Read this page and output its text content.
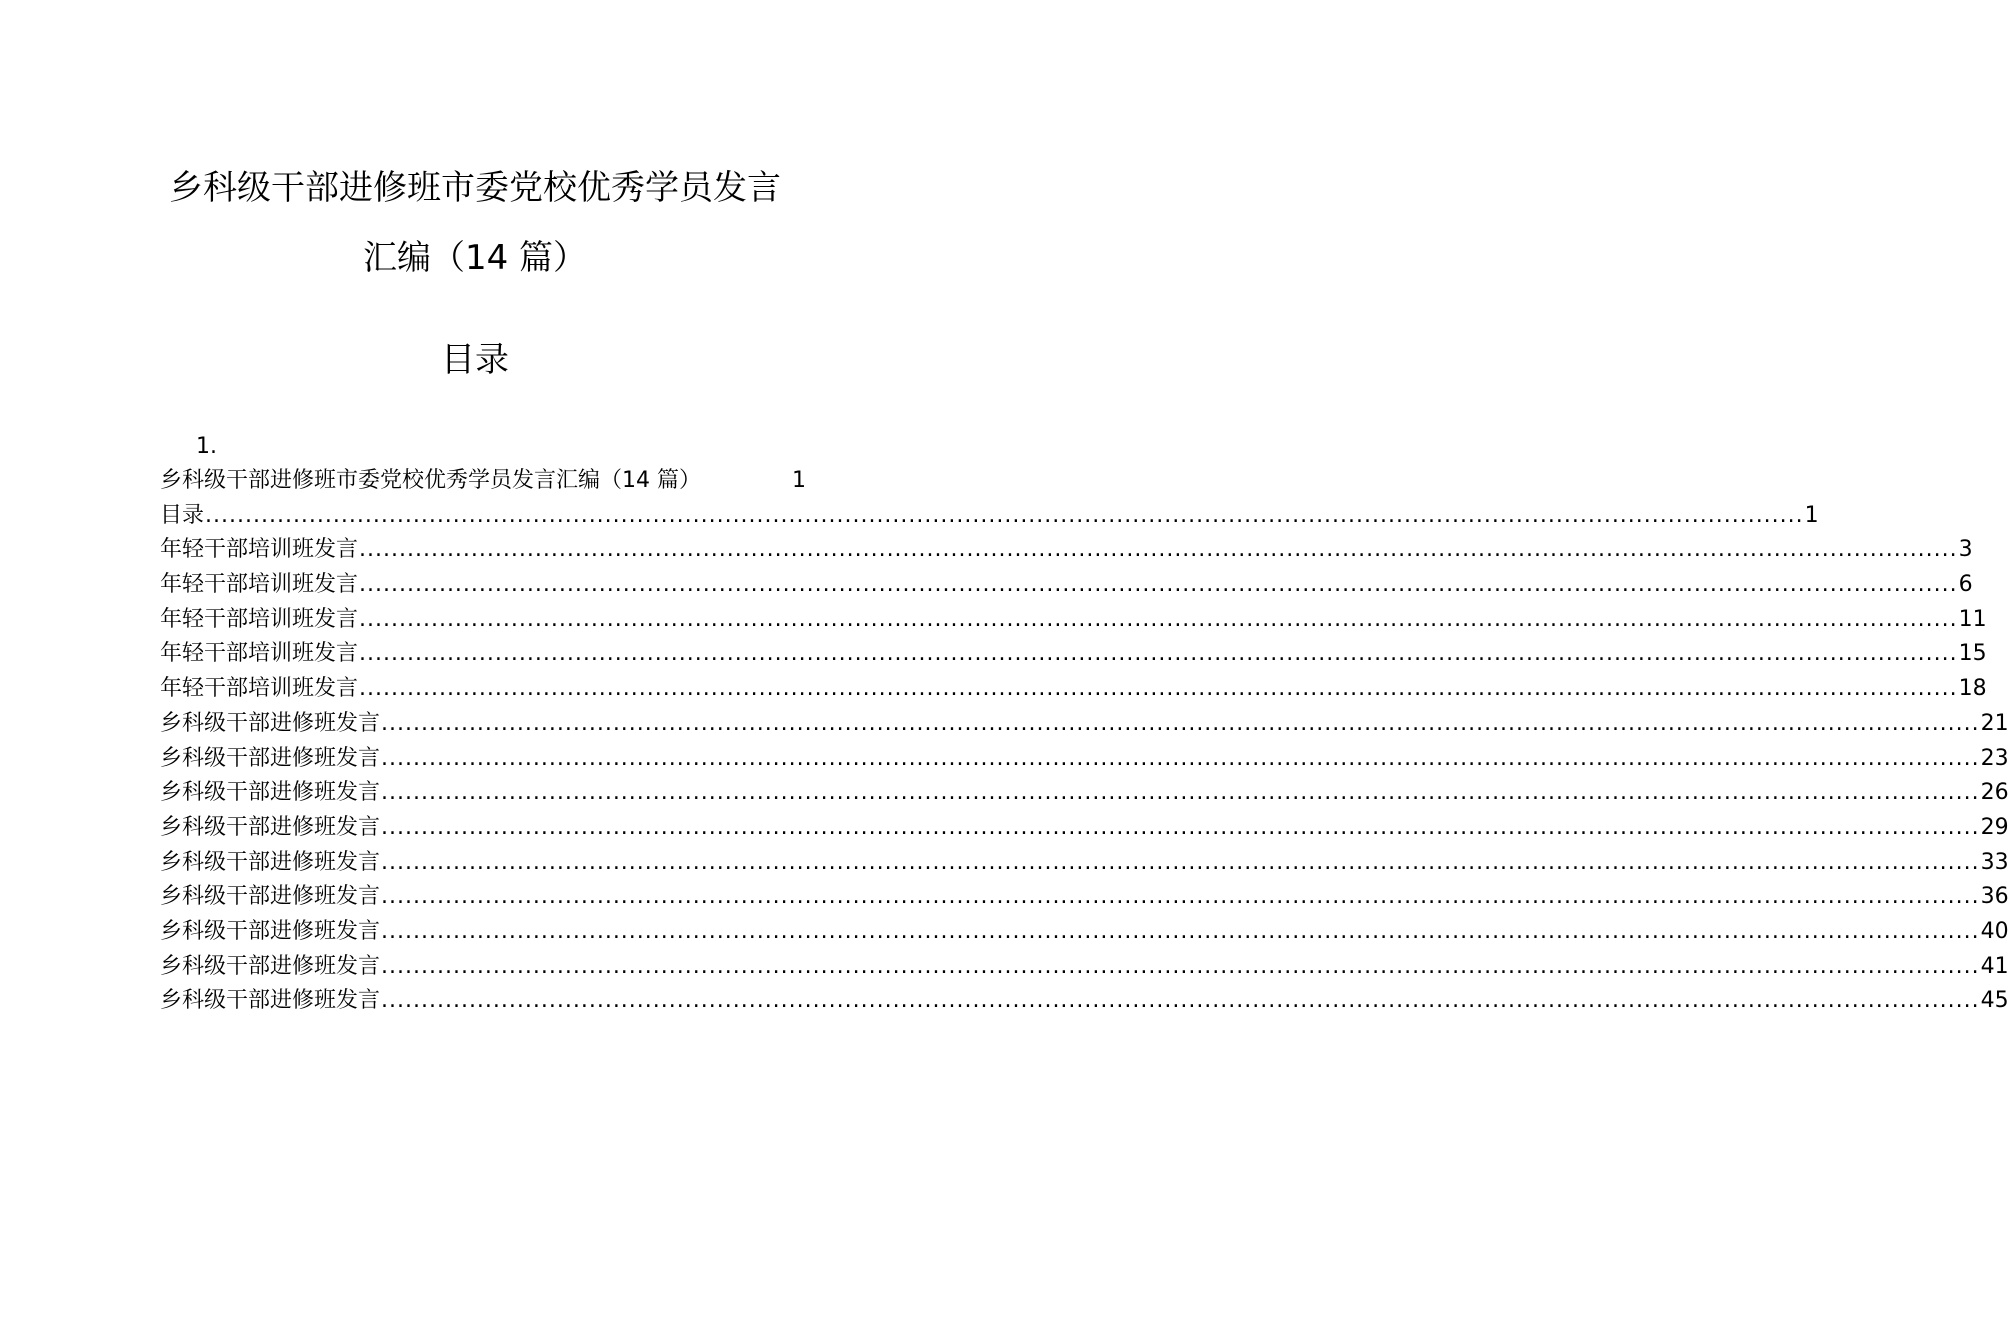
乡科级干部进修班市委党校优秀学员发言
汇编（14 篇）
目录
1.
乡科级干部进修班市委党校优秀学员发言汇编（14 篇）	1
目录 ........................................................................................................................................................................................................ 1
年轻干部培训班发言 ........................................................................................................................................................................................................ 3
年轻干部培训班发言 ........................................................................................................................................................................................................ 6
年轻干部培训班发言 ........................................................................................................................................................................................................ 11
年轻干部培训班发言 ........................................................................................................................................................................................................ 15
年轻干部培训班发言 ........................................................................................................................................................................................................ 18
乡科级干部进修班发言 ........................................................................................................................................................................................................ 21
乡科级干部进修班发言 ........................................................................................................................................................................................................ 23
乡科级干部进修班发言 ........................................................................................................................................................................................................ 26
乡科级干部进修班发言 ........................................................................................................................................................................................................ 29
乡科级干部进修班发言 ........................................................................................................................................................................................................ 33
乡科级干部进修班发言 ........................................................................................................................................................................................................ 36
乡科级干部进修班发言 ........................................................................................................................................................................................................ 40
乡科级干部进修班发言 ........................................................................................................................................................................................................ 41
乡科级干部进修班发言 ........................................................................................................................................................................................................ 45
